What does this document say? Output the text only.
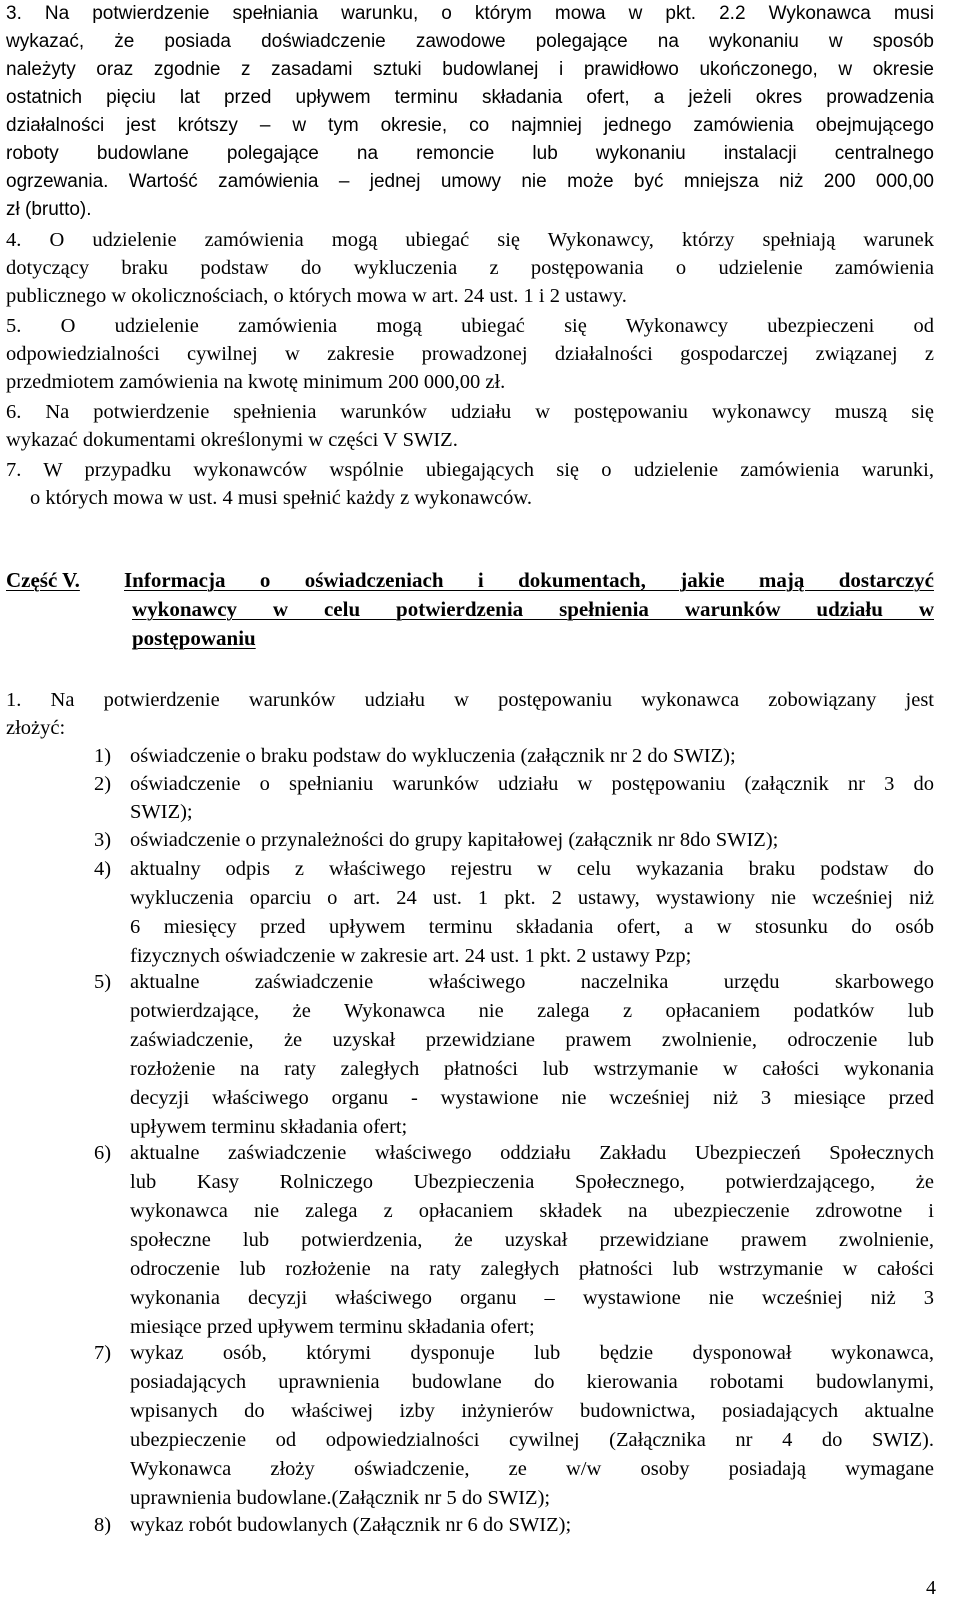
3. Na potwierdzenie spełniania warunku, o którym mowa w pkt. 2.2 Wykonawca musi
wykazać, że posiada doświadczenie zawodowe polegające na wykonaniu w sposób
należyty oraz zgodnie z zasadami sztuki budowlanej i prawidłowo ukończonego, w okresie
ostatnich pięciu lat przed upływem terminu składania ofert, a jeżeli okres prowadzenia
działalności jest krótszy – w tym okresie, co najmniej jednego zamówienia obejmującego
roboty budowlane polegające na remoncie lub wykonaniu instalacji centralnego
ogrzewania. Wartość zamówienia – jednej umowy nie może być mniejsza niż 200 000,00
zł (brutto).
4. O udzielenie zamówienia mogą ubiegać się Wykonawcy, którzy spełniają warunek
dotyczący braku podstaw do wykluczenia z postępowania o udzielenie zamówienia
publicznego w okolicznościach, o których mowa w art. 24 ust. 1 i 2 ustawy.
5. O udzielenie zamówienia mogą ubiegać się Wykonawcy ubezpieczeni od
odpowiedzialności cywilnej w zakresie prowadzonej działalności gospodarczej związanej z
przedmiotem zamówienia na kwotę minimum 200 000,00 zł.
6. Na potwierdzenie spełnienia warunków udziału w postępowaniu wykonawcy muszą się
wykazać dokumentami określonymi w części V SWIZ.
7. W przypadku wykonawców wspólnie ubiegających się o udzielenie zamówienia warunki,
o których mowa w ust. 4 musi spełnić każdy z wykonawców.
Część V. Informacja o oświadczeniach i dokumentach, jakie mają dostarczyć
wykonawcy w celu potwierdzenia spełnienia warunków udziału w
postępowaniu
1. Na potwierdzenie warunków udziału w postępowaniu wykonawca zobowiązany jest
złożyć:
1) oświadczenie o braku podstaw do wykluczenia (załącznik nr 2 do SWIZ);
2) oświadczenie o spełnianiu warunków udziału w postępowaniu (załącznik nr 3 do
SWIZ);
3) oświadczenie o przynależności do grupy kapitałowej (załącznik nr 8do SWIZ);
4) aktualny odpis z właściwego rejestru w celu wykazania braku podstaw do
wykluczenia oparciu o art. 24 ust. 1 pkt. 2 ustawy, wystawiony nie wcześniej niż
6 miesięcy przed upływem terminu składania ofert, a w stosunku do osób
fizycznych oświadczenie w zakresie art. 24 ust. 1 pkt. 2 ustawy Pzp;
5) aktualne zaświadczenie właściwego naczelnika urzędu skarbowego
potwierdzające, że Wykonawca nie zalega z opłacaniem podatków lub
zaświadczenie, że uzyskał przewidziane prawem zwolnienie, odroczenie lub
rozłożenie na raty zaległych płatności lub wstrzymanie w całości wykonania
decyzji właściwego organu - wystawione nie wcześniej niż 3 miesiące przed
upływem terminu składania ofert;
6) aktualne zaświadczenie właściwego oddziału Zakładu Ubezpieczeń Społecznych
lub Kasy Rolniczego Ubezpieczenia Społecznego, potwierdzającego, że
wykonawca nie zalega z opłacaniem składek na ubezpieczenie zdrowotne i
społeczne lub potwierdzenia, że uzyskał przewidziane prawem zwolnienie,
odroczenie lub rozłożenie na raty zaległych płatności lub wstrzymanie w całości
wykonania decyzji właściwego organu – wystawione nie wcześniej niż 3
miesiące przed upływem terminu składania ofert;
7) wykaz osób, którymi dysponuje lub będzie dysponował wykonawca,
posiadających uprawnienia budowlane do kierowania robotami budowlanymi,
wpisanych do właściwej izby inżynierów budownictwa, posiadających aktualne
ubezpieczenie od odpowiedzialności cywilnej (Załącznika nr 4 do SWIZ).
Wykonawca złoży oświadczenie, ze w/w osoby posiadają wymagane
uprawnienia budowlane.(Załącznik nr 5 do SWIZ);
8) wykaz robót budowlanych (Załącznik nr 6 do SWIZ);
4
